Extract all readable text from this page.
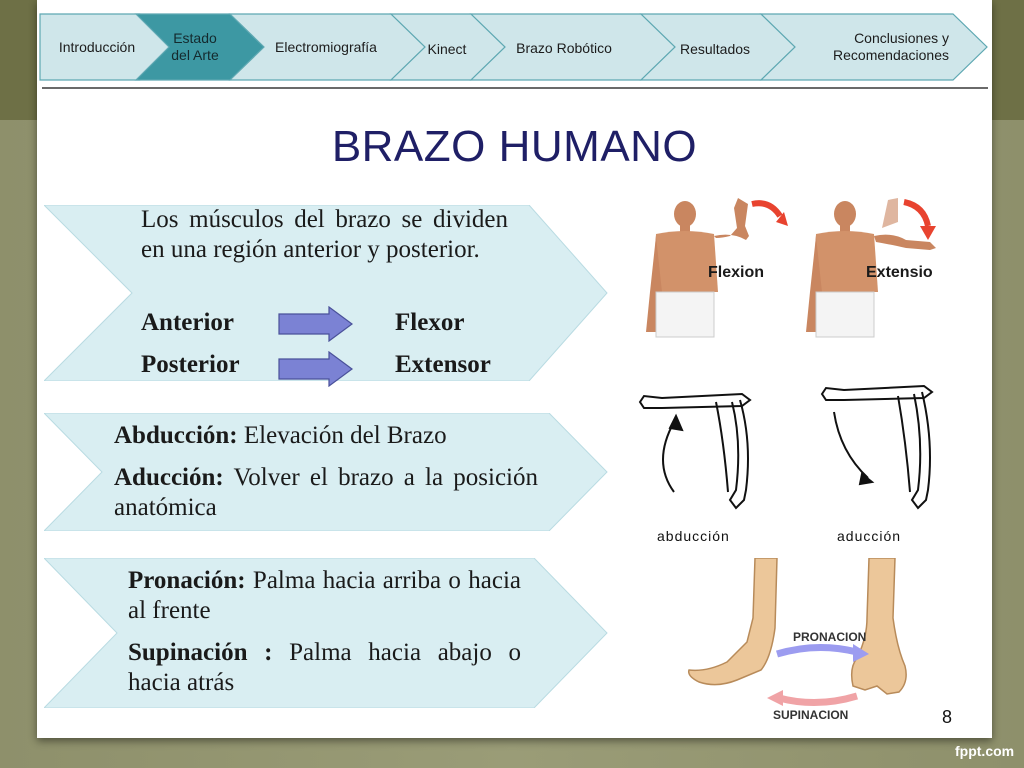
Introducción
Estado
del Arte	Electromiografía	Kinect	Brazo Robótico	Resultados
Conclusiones y
Recomendaciones
BRAZO HUMANO

Los músculos del brazo se dividen en una región anterior y posterior.

Anterior	Flexor
Posterior	Extensor

Abducción: Elevación del Brazo

Aducción: Volver el brazo a la posición anatómica

Pronación: Palma hacia arriba o hacia al frente

Supinación : Palma hacia abajo o hacia atrás

Flexion	Extensio
abducción	aducción
PRONACION
SUPINACION	8
fppt.com
